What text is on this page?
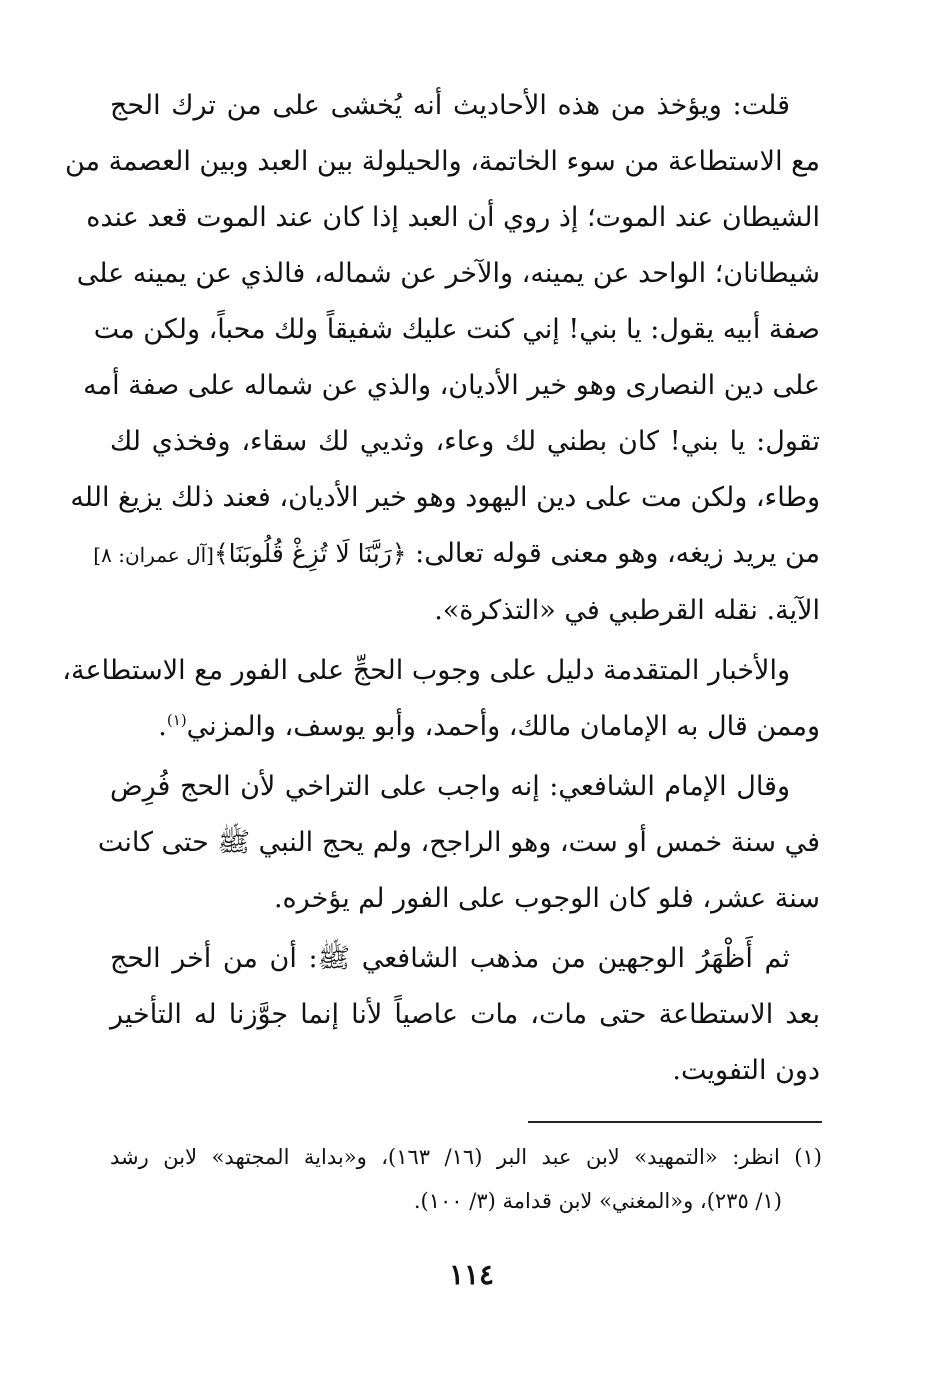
قلت: ويؤخذ من هذه الأحاديث أنه يُخشى على من ترك الحج

مع الاستطاعة من سوء الخاتمة، والحيلولة بين العبد وبين العصمة من

الشيطان عند الموت؛ إذ روي أن العبد إذا كان عند الموت قعد عنده

شيطانان؛ الواحد عن يمينه، والآخر عن شماله، فالذي عن يمينه على

صفة أبيه يقول: يا بني! إني كنت عليك شفيقاً ولك محباً، ولكن مت

على دين النصارى وهو خير الأديان، والذي عن شماله على صفة أمه

تقول: يا بني! كان بطني لك وعاء، وثديي لك سقاء، وفخذي لك

وطاء، ولكن مت على دين اليهود وهو خير الأديان، فعند ذلك يزيغ الله

من يريد زيغه، وهو معنى قوله تعالى: ﴿رَبَّنَا لَا تُزِغْ قُلُوبَنَا﴾[آل عمران: ٨]

الآية. نقله القرطبي في «التذكرة».

والأخبار المتقدمة دليل على وجوب الحجِّ على الفور مع الاستطاعة،

وممن قال به الإمامان مالك، وأحمد، وأبو يوسف، والمزني$^{(١)}$.

وقال الإمام الشافعي: إنه واجب على التراخي لأن الحج فُرِض

في سنة خمس أو ست، وهو الراجح، ولم يحج النبي ﷺ حتى كانت

سنة عشر، فلو كان الوجوب على الفور لم يؤخره.

ثم أَظْهَرُ الوجهين من مذهب الشافعي ﷺ: أن من أخر الحج

بعد الاستطاعة حتى مات، مات عاصياً لأنا إنما جوَّزنا له التأخير

دون التفويت.

(١) انظر: «التمهيد» لابن عبد البر (١٦/ ١٦٣)، و«بداية المجتهد» لابن رشد

(١/ ٢٣٥)، و«المغني» لابن قدامة (٣/ ١٠٠).

١١٤
